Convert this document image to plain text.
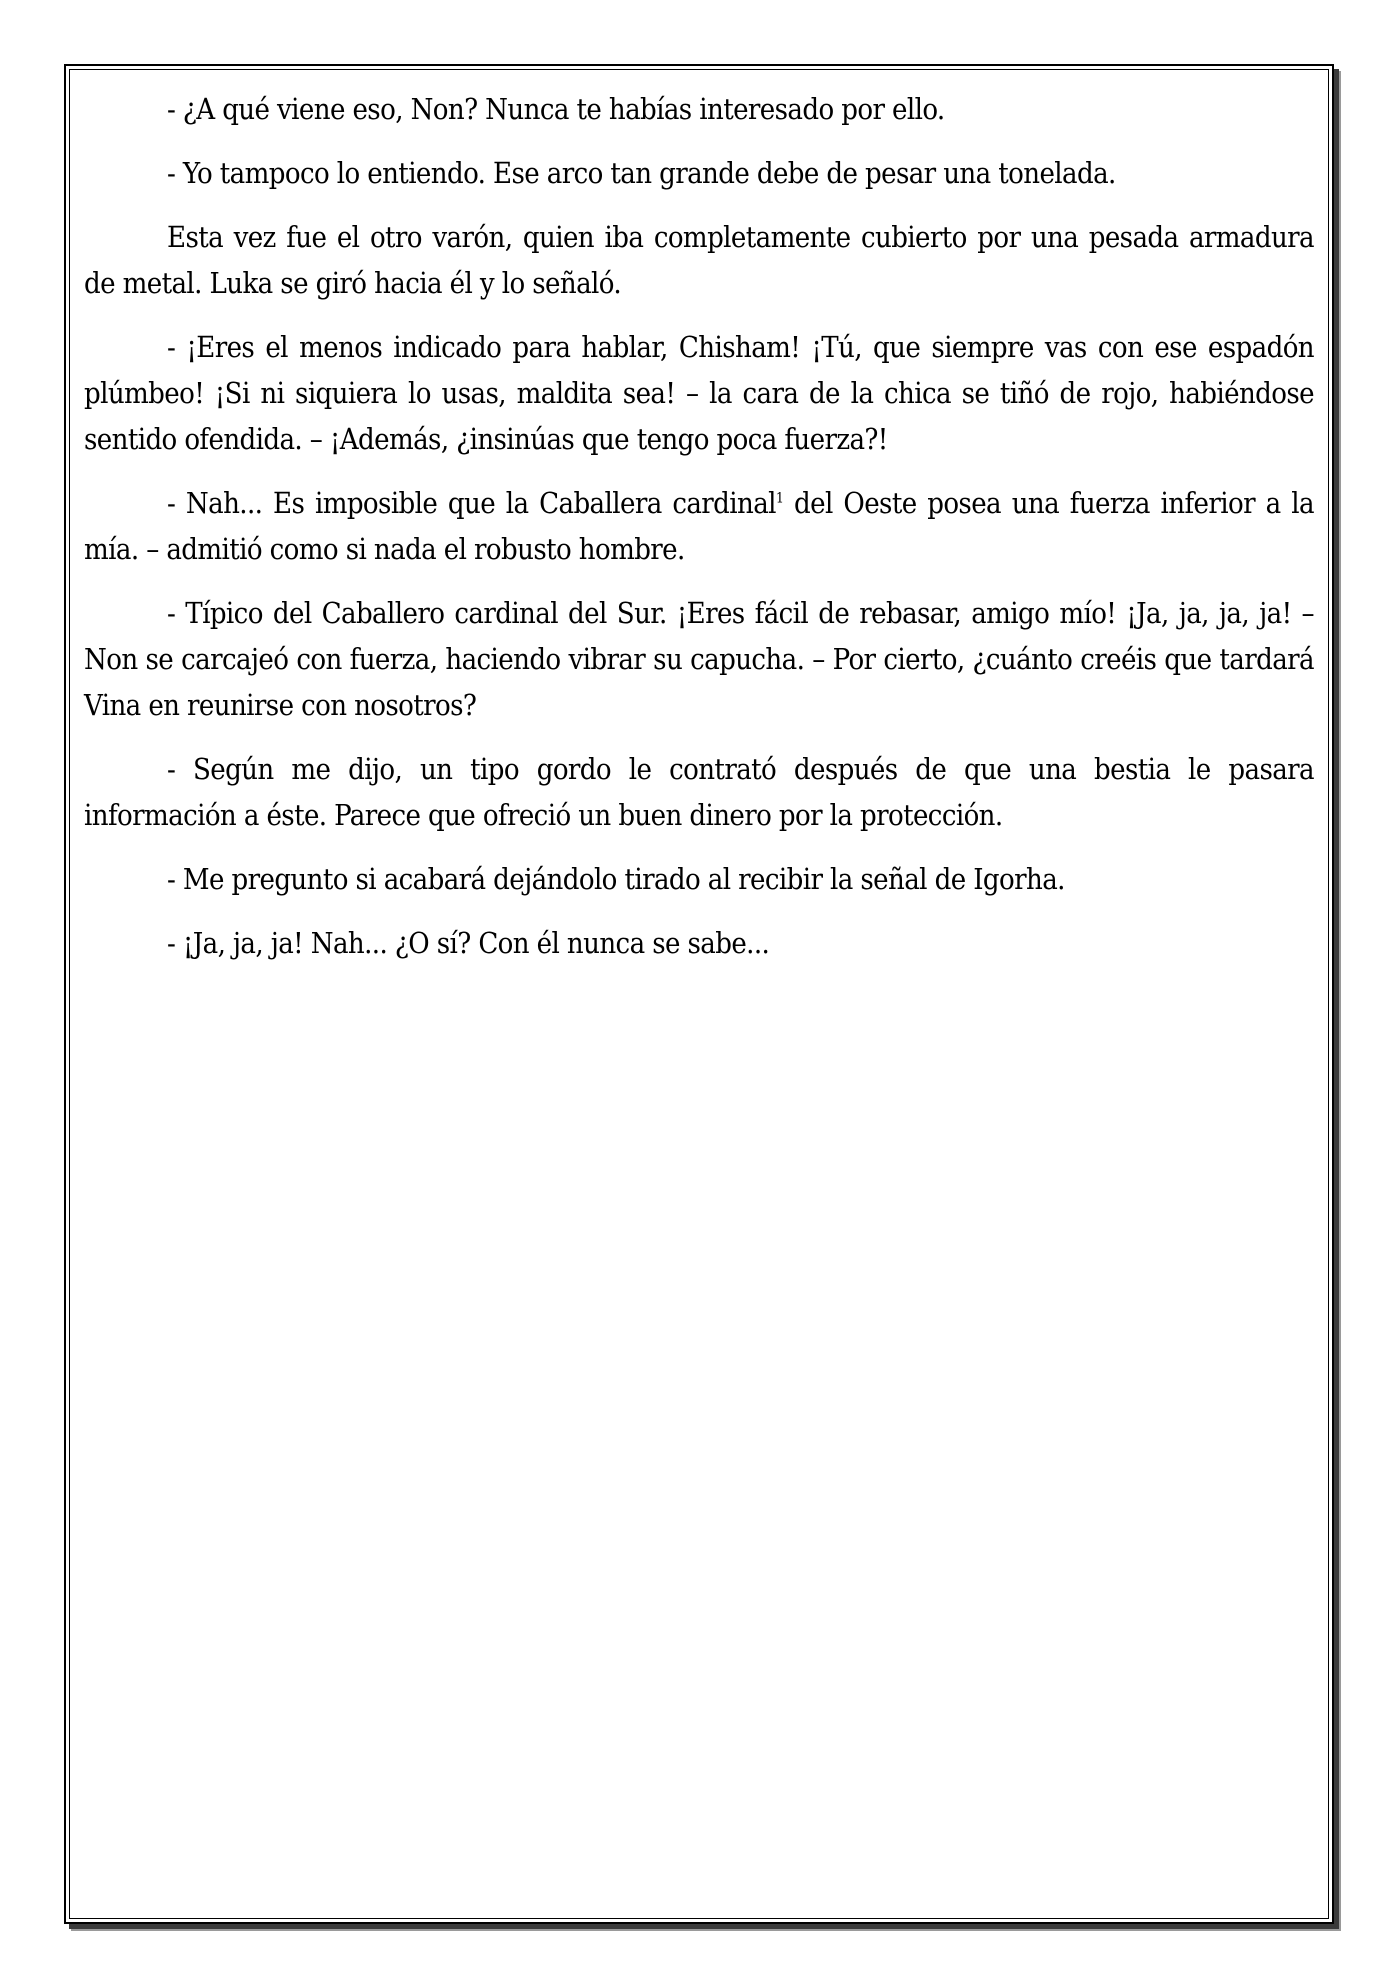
- ¿A qué viene eso, Non? Nunca te habías interesado por ello.

- Yo tampoco lo entiendo. Ese arco tan grande debe de pesar una tonelada.

Esta vez fue el otro varón, quien iba completamente cubierto por una pesada armadura de metal. Luka se giró hacia él y lo señaló.

- ¡Eres el menos indicado para hablar, Chisham! ¡Tú, que siempre vas con ese espadón plúmbeo! ¡Si ni siquiera lo usas, maldita sea! – la cara de la chica se tiñó de rojo, habiéndose sentido ofendida. – ¡Además, ¿insinúas que tengo poca fuerza?!

- Nah... Es imposible que la Caballera cardinal$^1$ del Oeste posea una fuerza inferior a la mía. – admitió como si nada el robusto hombre.

- Típico del Caballero cardinal del Sur. ¡Eres fácil de rebasar, amigo mío! ¡Ja, ja, ja, ja! – Non se carcajeó con fuerza, haciendo vibrar su capucha. – Por cierto, ¿cuánto creéis que tardará Vina en reunirse con nosotros?

- Según me dijo, un tipo gordo le contrató después de que una bestia le pasara información a éste. Parece que ofreció un buen dinero por la protección.

- Me pregunto si acabará dejándolo tirado al recibir la señal de Igorha.

- ¡Ja, ja, ja! Nah... ¿O sí? Con él nunca se sabe...
